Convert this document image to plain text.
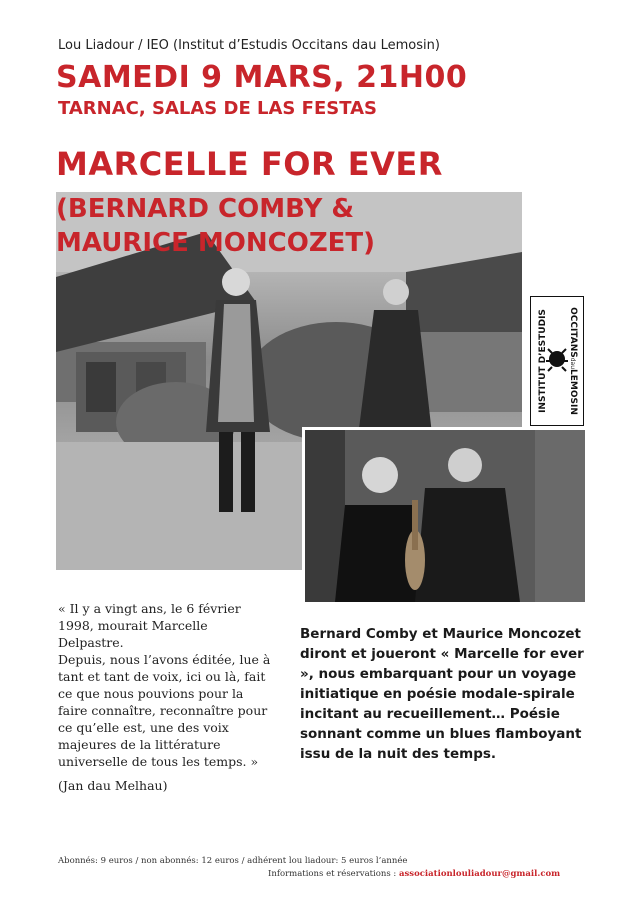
Lou Liadour / IEO (Institut d’Estudis Occitans dau Lemosin)
SAMEDI 9 MARS, 21H00
TARNAC, SALAS DE LAS FESTAS
MARCELLE FOR EVER
(BERNARD COMBY &
MAURICE MONCOZET)
INSTITUT D’ESTUDIS OCCITANSdauLEMOSIN

« Il y a vingt ans, le 6 février 1998, mourait Marcelle Delpastre.

Depuis, nous l’avons éditée, lue à tant et tant de voix, ici ou là, fait ce que nous pouvions pour la faire connaître, reconnaître pour ce qu’elle est, une des voix majeures de la littérature universelle de tous les temps. »

(Jan dau Melhau)

Bernard Comby et Maurice Moncozet diront et joueront « Marcelle for ever », nous embarquant pour un voyage initiatique en poésie modale-spirale incitant au recueillement… Poésie sonnant comme un blues flamboyant issu de la nuit des temps.
Abonnés: 9 euros / non abonnés: 12 euros / adhérent lou liadour: 5 euros l’année
Informations et réservations : associationlouliadour@gmail.com
